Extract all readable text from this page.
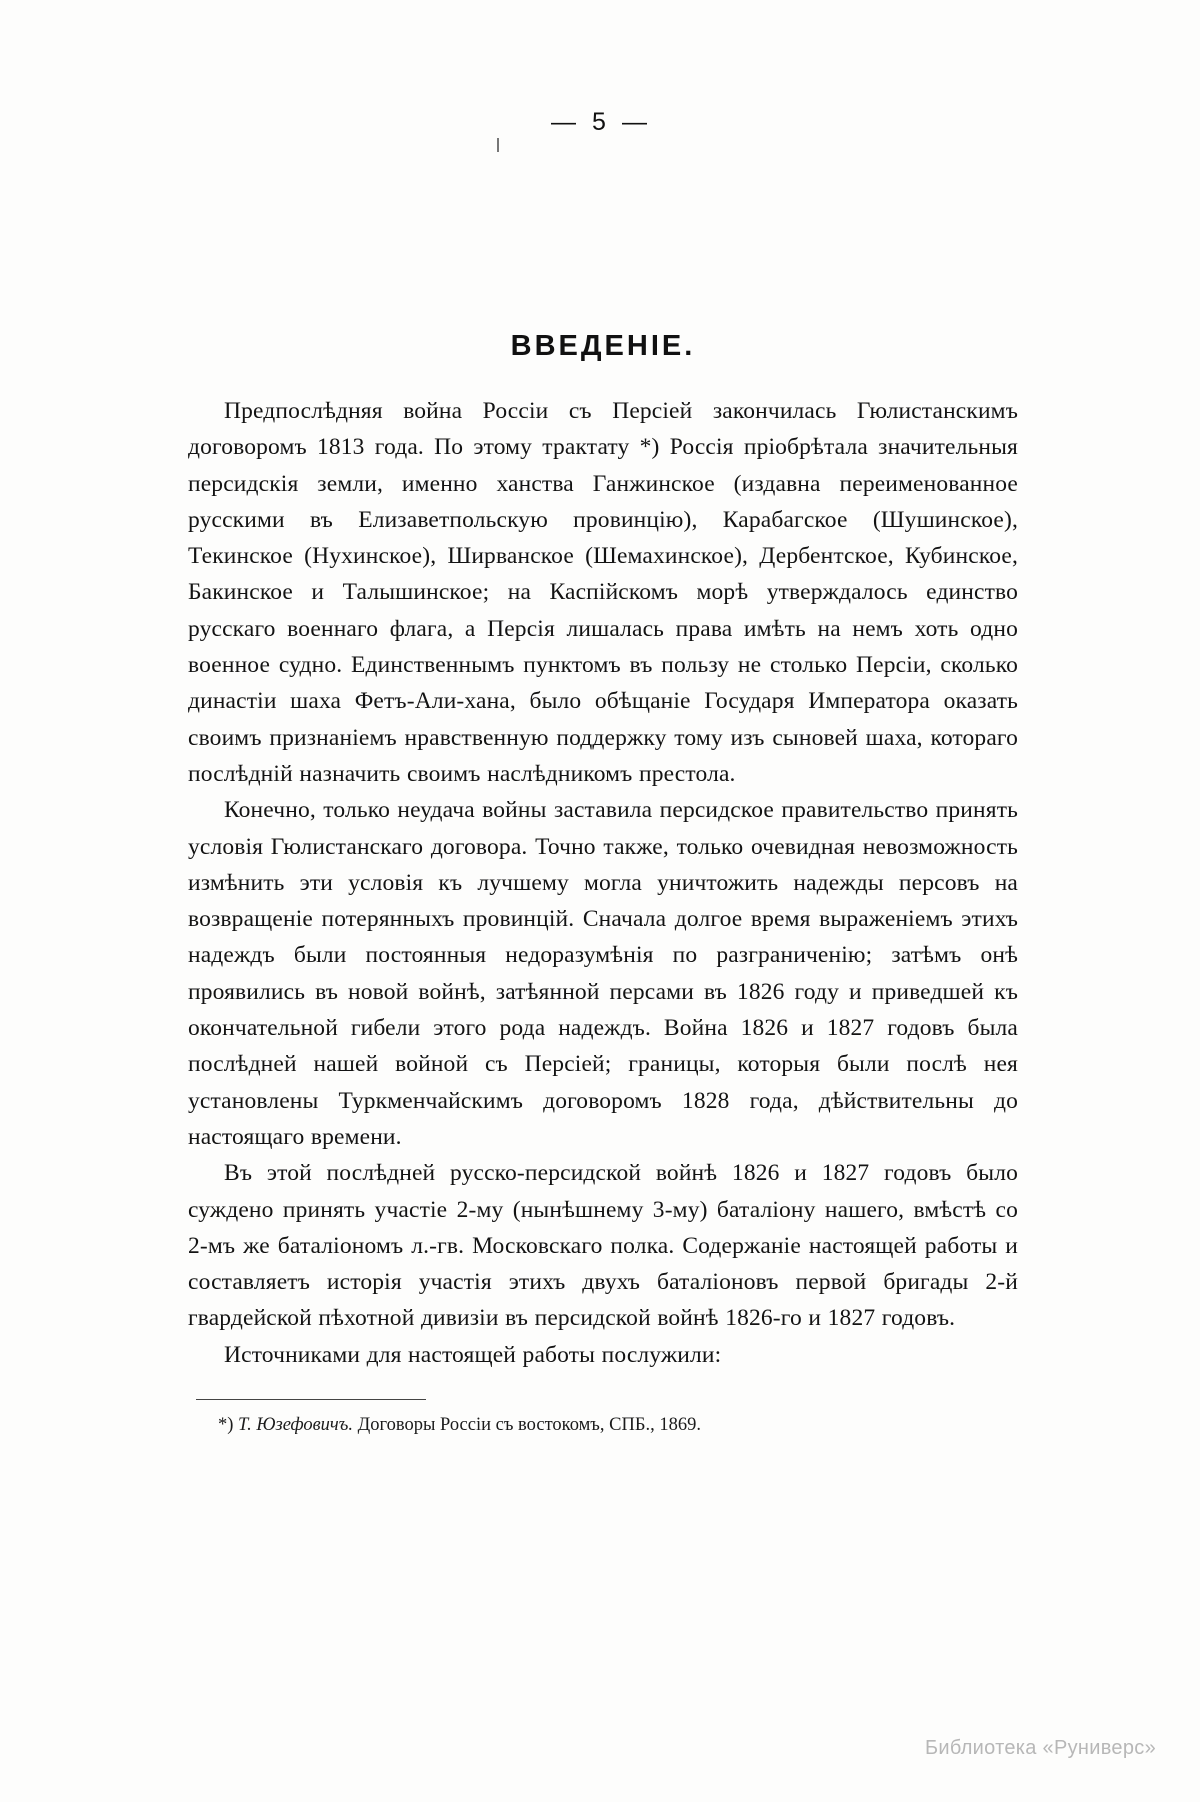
— 5 —
ВВЕДЕНIЕ.

Предпослѣдняя война Россіи съ Персіей закончилась Гюлистанскимъ договоромъ 1813 года. По этому трактату *) Россія пріобрѣтала значительныя персидскія земли, именно ханства Ганжинское (издавна переименованное русскими въ Елизаветпольскую провинцію), Карабагское (Шушинское), Текинское (Нухинское), Ширванское (Шемахинское), Дербентское, Кубинское, Бакинское и Талышинское; на Каспійскомъ морѣ утверждалось единство русскаго военнаго флага, а Персія лишалась права имѣть на немъ хоть одно военное судно. Единственнымъ пунктомъ въ пользу не столько Персіи, сколько династіи шаха Фетъ-Али-хана, было обѣщаніе Государя Императора оказать своимъ признаніемъ нравственную поддержку тому изъ сыновей шаха, котораго послѣдній назначить своимъ наслѣдникомъ престола.

Конечно, только неудача войны заставила персидское правительство принять условія Гюлистанскаго договора. Точно также, только очевидная невозможность измѣнить эти условія къ лучшему могла уничтожить надежды персовъ на возвращеніе потерянныхъ провинцій. Сначала долгое время выраженіемъ этихъ надеждъ были постоянныя недоразумѣнія по разграниченію; затѣмъ онѣ проявились въ новой войнѣ, затѣянной персами въ 1826 году и приведшей къ окончательной гибели этого рода надеждъ. Война 1826 и 1827 годовъ была послѣдней нашей войной съ Персіей; границы, которыя были послѣ нея установлены Туркменчайскимъ договоромъ 1828 года, дѣйствительны до настоящаго времени.

Въ этой послѣдней русско-персидской войнѣ 1826 и 1827 годовъ было суждено принять участіе 2-му (нынѣшнему 3-му) баталіону нашего, вмѣстѣ со 2-мъ же баталіономъ л.-гв. Московскаго полка. Содержаніе настоящей работы и составляетъ исторія участія этихъ двухъ баталіоновъ первой бригады 2-й гвардейской пѣхотной дивизіи въ персидской войнѣ 1826-го и 1827 годовъ.

Источниками для настоящей работы послужили:

*) Т. Юзефовичъ. Договоры Россіи съ востокомъ, СПБ., 1869.

Библиотека «Руниверс»
